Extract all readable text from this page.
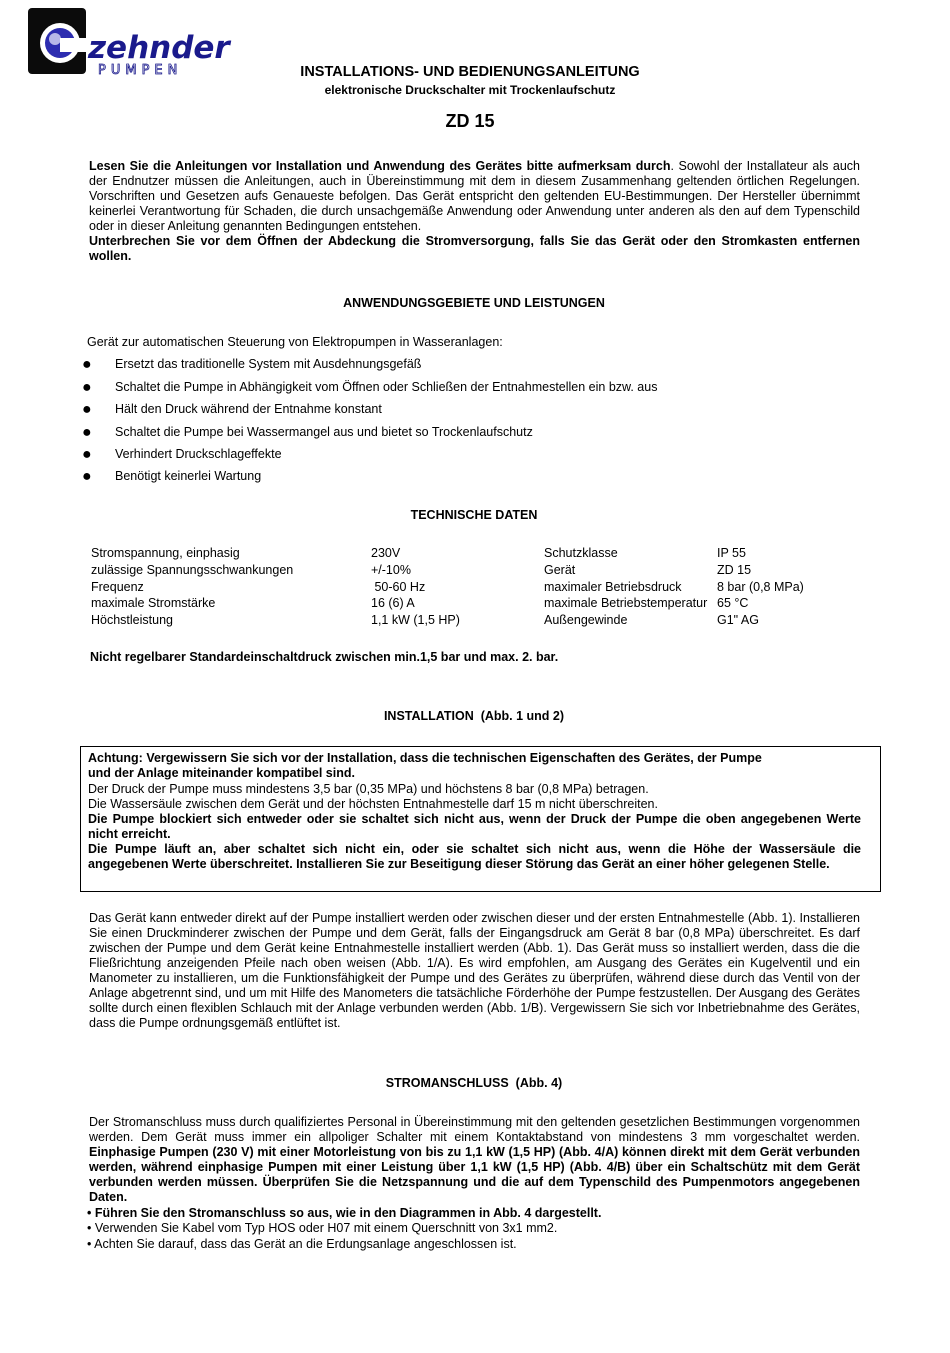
zehnder
PUMPEN	INSTALLATIONS- UND BEDIENUNGSANLEITUNG
elektronische Druckschalter mit Trockenlaufschutz
ZD 15
Lesen Sie die Anleitungen vor Installation und Anwendung des Gerätes bitte aufmerksam durch. Sowohl der Installateur als auch der Endnutzer müssen die Anleitungen, auch in Übereinstimmung mit dem in diesem Zusammenhang geltenden örtlichen Regelungen. Vorschriften und Gesetzen aufs Genaueste befolgen. Das Gerät entspricht den geltenden EU-Bestimmungen. Der Hersteller übernimmt keinerlei Verantwortung für Schaden, die durch unsachgemäße Anwendung oder Anwendung unter anderen als den auf dem Typenschild oder in dieser Anleitung genannten Bedingungen entstehen.
Unterbrechen Sie vor dem Öffnen der Abdeckung die Stromversorgung, falls Sie das Gerät oder den Stromkasten entfernen wollen.
ANWENDUNGSGEBIETE UND LEISTUNGEN
Gerät zur automatischen Steuerung von Elektropumpen in Wasseranlagen:
● Ersetzt das traditionelle System mit Ausdehnungsgefäß
● Schaltet die Pumpe in Abhängigkeit vom Öffnen oder Schließen der Entnahmestellen ein bzw. aus
● Hält den Druck während der Entnahme konstant
● Schaltet die Pumpe bei Wassermangel aus und bietet so Trockenlaufschutz
● Verhindert Druckschlageffekte
● Benötigt keinerlei Wartung
TECHNISCHE DATEN
Stromspannung, einphasig	230V	Schutzklasse	IP 55
zulässige Spannungsschwankungen	+/-10%	Gerät	ZD 15
Frequenz	50-60 Hz	maximaler Betriebsdruck	8 bar (0,8 MPa)
maximale Stromstärke	16 (6) A	maximale Betriebstemperatur 65 °C
Höchstleistung	1,1 kW (1,5 HP)	Außengewinde	G1" AG
Nicht regelbarer Standardeinschaltdruck zwischen min.1,5 bar und max. 2. bar.
INSTALLATION  (Abb. 1 und 2)
Achtung: Vergewissern Sie sich vor der Installation, dass die technischen Eigenschaften des Gerätes, der Pumpe und der Anlage miteinander kompatibel sind.
Der Druck der Pumpe muss mindestens 3,5 bar (0,35 MPa) und höchstens 8 bar (0,8 MPa) betragen.
Die Wassersäule zwischen dem Gerät und der höchsten Entnahmestelle darf 15 m nicht überschreiten.
Die Pumpe blockiert sich entweder oder sie schaltet sich nicht aus, wenn der Druck der Pumpe die oben angegebenen Werte nicht erreicht.
Die Pumpe läuft an, aber schaltet sich nicht ein, oder sie schaltet sich nicht aus, wenn die Höhe der Wassersäule die angegebenen Werte überschreitet. Installieren Sie zur Beseitigung dieser Störung das Gerät an einer höher gelegenen Stelle.
Das Gerät kann entweder direkt auf der Pumpe installiert werden oder zwischen dieser und der ersten Entnahmestelle (Abb. 1). Installieren Sie einen Druckminderer zwischen der Pumpe und dem Gerät, falls der Eingangsdruck am Gerät 8 bar (0,8 MPa) überschreitet. Es darf zwischen der Pumpe und dem Gerät keine Entnahmestelle installiert werden (Abb. 1). Das Gerät muss so installiert werden, dass die die Fließrichtung anzeigenden Pfeile nach oben weisen (Abb. 1/A). Es wird empfohlen, am Ausgang des Gerätes ein Kugelventil und ein Manometer zu installieren, um die Funktionsfähigkeit der Pumpe und des Gerätes zu überprüfen, während diese durch das Ventil von der Anlage abgetrennt sind, und um mit Hilfe des Manometers die tatsächliche Förderhöhe der Pumpe festzustellen. Der Ausgang des Gerätes sollte durch einen flexiblen Schlauch mit der Anlage verbunden werden (Abb. 1/B). Vergewissern Sie sich vor Inbetriebnahme des Gerätes, dass die Pumpe ordnungsgemäß entlüftet ist.
STROMANSCHLUSS  (Abb. 4)
Der Stromanschluss muss durch qualifiziertes Personal in Übereinstimmung mit den geltenden gesetzlichen Bestimmungen vorgenommen werden. Dem Gerät muss immer ein allpoliger Schalter mit einem Kontaktabstand von mindestens 3 mm vorgeschaltet werden. Einphasige Pumpen (230 V) mit einer Motorleistung von bis zu 1,1 kW (1,5 HP) (Abb. 4/A) können direkt mit dem Gerät verbunden werden, während einphasige Pumpen mit einer Leistung über 1,1 kW (1,5 HP) (Abb. 4/B) über ein Schaltschütz mit dem Gerät verbunden werden müssen. Überprüfen Sie die Netzspannung und die auf dem Typenschild des Pumpenmotors angegebenen Daten.
• Führen Sie den Stromanschluss so aus, wie in den Diagrammen in Abb. 4 dargestellt.
• Verwenden Sie Kabel vom Typ HOS oder H07 mit einem Querschnitt von 3x1 mm2.
• Achten Sie darauf, dass das Gerät an die Erdungsanlage angeschlossen ist.
